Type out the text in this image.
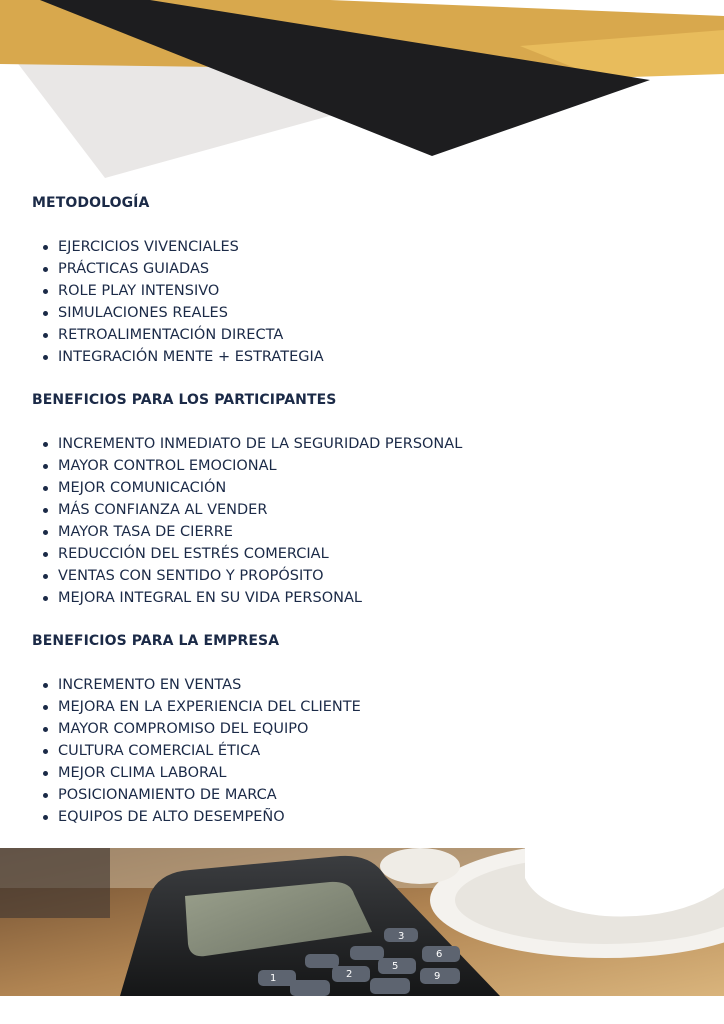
METODOLOGÍA
EJERCICIOS VIVENCIALES
PRÁCTICAS GUIADAS
ROLE PLAY INTENSIVO
SIMULACIONES REALES
RETROALIMENTACIÓN DIRECTA
INTEGRACIÓN MENTE + ESTRATEGIA
BENEFICIOS PARA LOS PARTICIPANTES
INCREMENTO INMEDIATO DE LA SEGURIDAD PERSONAL
MAYOR CONTROL EMOCIONAL
MEJOR COMUNICACIÓN
MÁS CONFIANZA AL VENDER
MAYOR TASA DE CIERRE
REDUCCIÓN DEL ESTRÉS COMERCIAL
VENTAS CON SENTIDO Y PROPÓSITO
MEJORA INTEGRAL EN SU VIDA PERSONAL
BENEFICIOS PARA LA EMPRESA
INCREMENTO EN VENTAS
MEJORA EN LA EXPERIENCIA DEL CLIENTE
MAYOR COMPROMISO DEL EQUIPO
CULTURA COMERCIAL ÉTICA
MEJOR CLIMA LABORAL
POSICIONAMIENTO DE MARCA
EQUIPOS DE ALTO DESEMPEÑO
1	2
3
5
6
9
